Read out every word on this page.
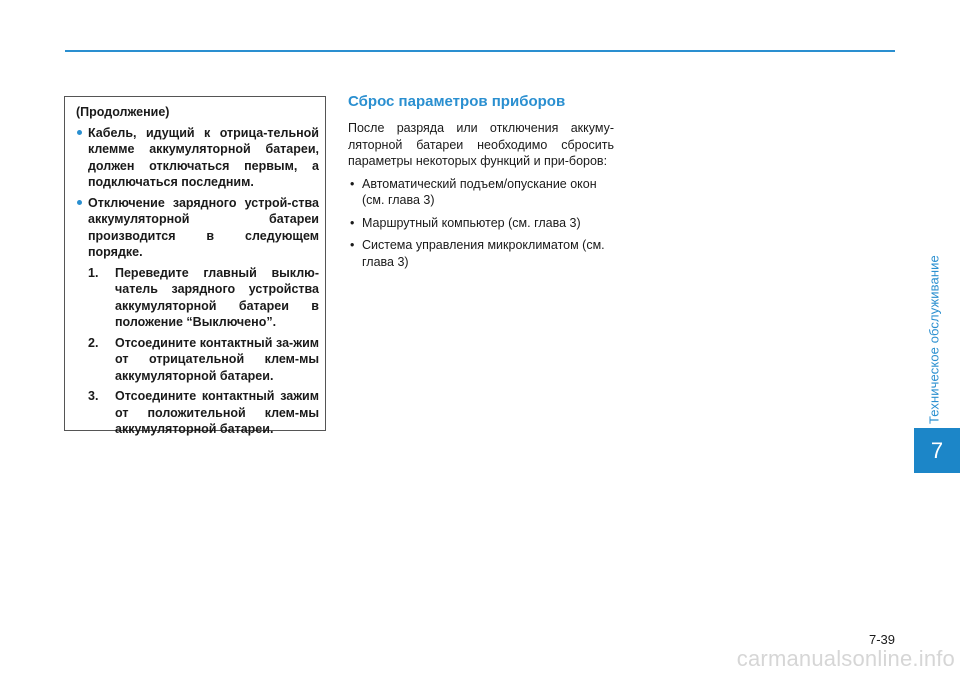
Техническое обслуживание
7
(Продолжение)
Кабель, идущий к отрица-тельной клемме аккумуляторной батареи, должен отключаться первым, а подключаться последним.
Отключение зарядного устрой-ства аккумуляторной батареи производится в следующем порядке.
1. Переведите главный выклю-чатель зарядного устройства аккумуляторной батареи в положение “Выключено”.
2. Отсоедините контактный за-жим от отрицательной клем-мы аккумуляторной батареи.
3. Отсоедините контактный зажим от положительной клем-мы аккумуляторной батареи.
Сброс параметров приборов
После разряда или отключения аккуму-ляторной батареи необходимо сбросить параметры некоторых функций и при-боров:
• Автоматический подъем/опускание окон (см. глава 3)
• Маршрутный компьютер (см. глава 3)
• Система управления микроклиматом (см. глава 3)
7-39
carmanualsonline.info
